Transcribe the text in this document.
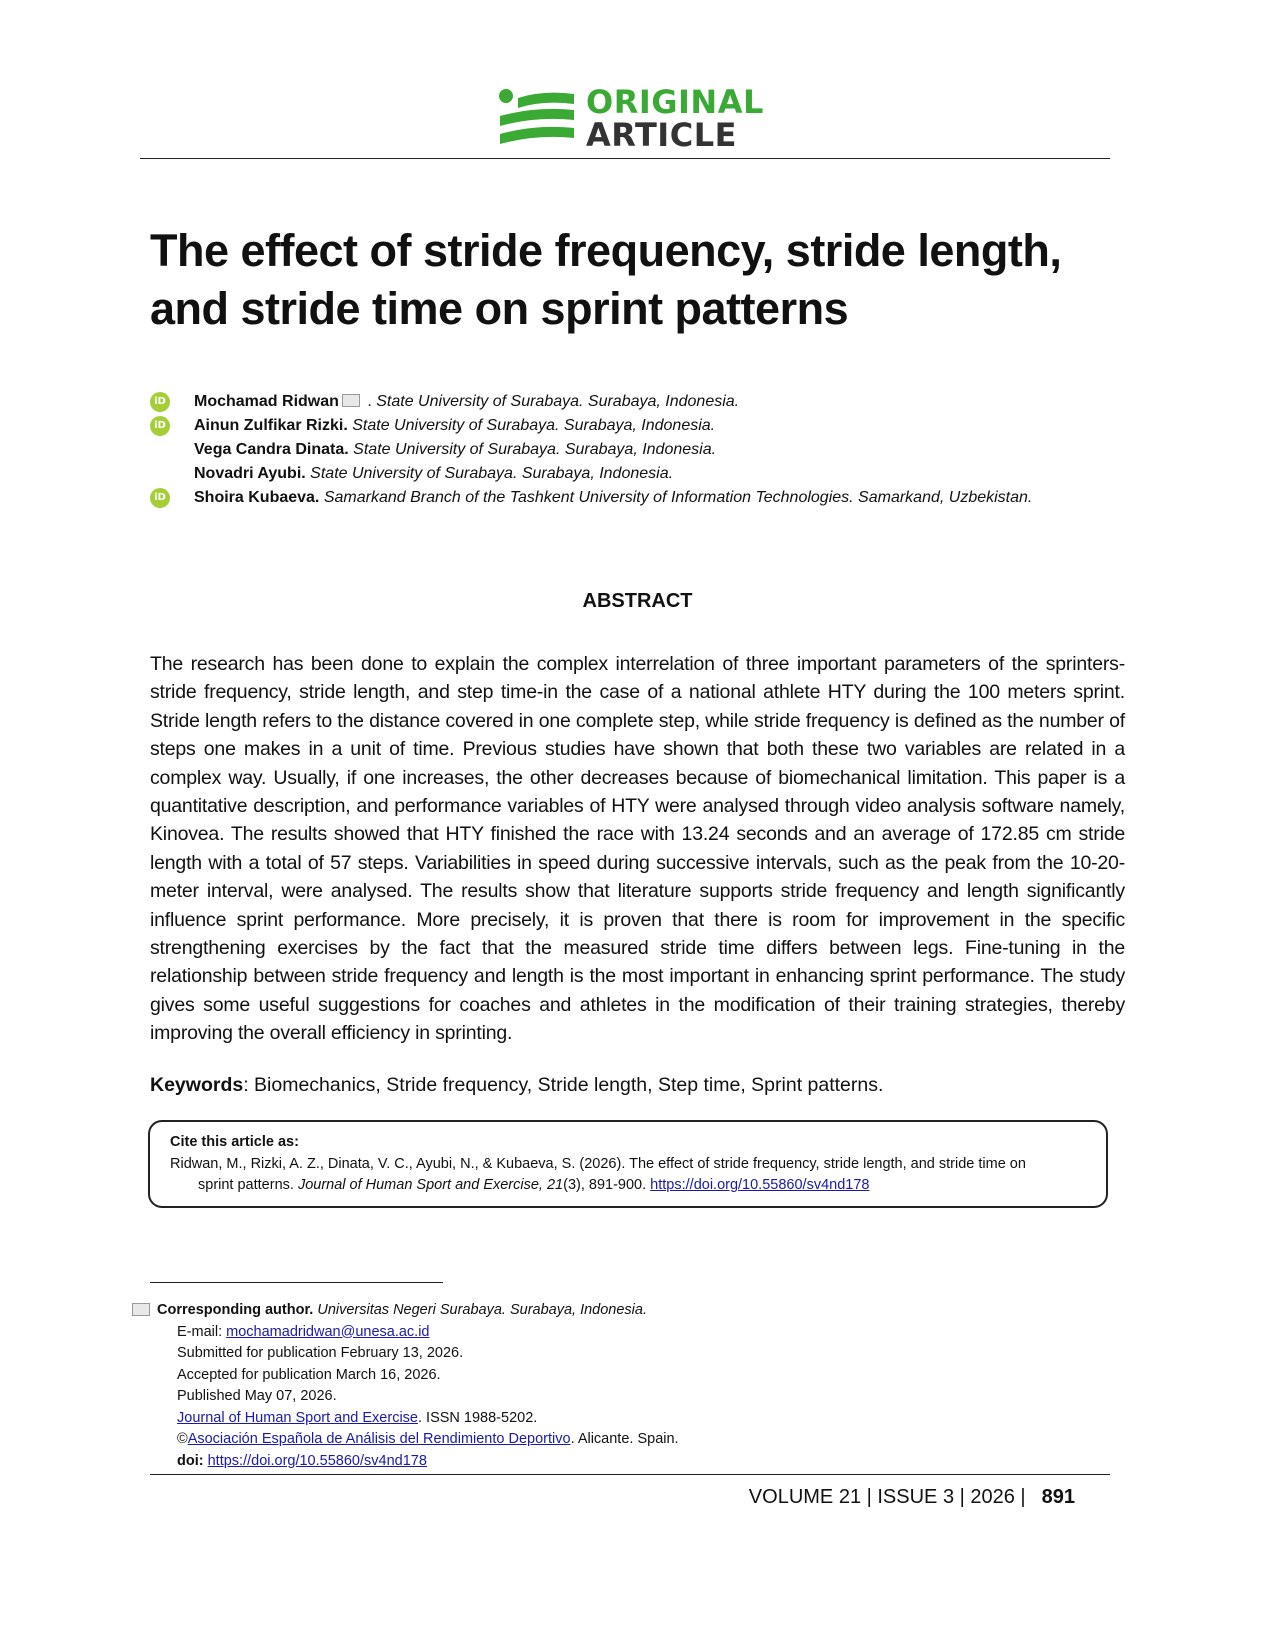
ORIGINAL
ARTICLE
The effect of stride frequency, stride length, and stride time on sprint patterns
iD Mochamad Ridwan . State University of Surabaya. Surabaya, Indonesia.
iD Ainun Zulfikar Rizki. State University of Surabaya. Surabaya, Indonesia.
Vega Candra Dinata. State University of Surabaya. Surabaya, Indonesia.
Novadri Ayubi. State University of Surabaya. Surabaya, Indonesia.
iD Shoira Kubaeva. Samarkand Branch of the Tashkent University of Information Technologies. Samarkand, Uzbekistan.
ABSTRACT
The research has been done to explain the complex interrelation of three important parameters of the sprinters-stride frequency, stride length, and step time-in the case of a national athlete HTY during the 100 meters sprint. Stride length refers to the distance covered in one complete step, while stride frequency is defined as the number of steps one makes in a unit of time. Previous studies have shown that both these two variables are related in a complex way. Usually, if one increases, the other decreases because of biomechanical limitation. This paper is a quantitative description, and performance variables of HTY were analysed through video analysis software namely, Kinovea. The results showed that HTY finished the race with 13.24 seconds and an average of 172.85 cm stride length with a total of 57 steps. Variabilities in speed during successive intervals, such as the peak from the 10-20-meter interval, were analysed. The results show that literature supports stride frequency and length significantly influence sprint performance. More precisely, it is proven that there is room for improvement in the specific strengthening exercises by the fact that the measured stride time differs between legs. Fine-tuning in the relationship between stride frequency and length is the most important in enhancing sprint performance. The study gives some useful suggestions for coaches and athletes in the modification of their training strategies, thereby improving the overall efficiency in sprinting.
Keywords: Biomechanics, Stride frequency, Stride length, Step time, Sprint patterns.
Cite this article as:
Ridwan, M., Rizki, A. Z., Dinata, V. C., Ayubi, N., & Kubaeva, S. (2026). The effect of stride frequency, stride length, and stride time on
sprint patterns. Journal of Human Sport and Exercise, 21(3), 891-900. https://doi.org/10.55860/sv4nd178
Corresponding author. Universitas Negeri Surabaya. Surabaya, Indonesia.
E-mail: mochamadridwan@unesa.ac.id
Submitted for publication February 13, 2026.
Accepted for publication March 16, 2026.
Published May 07, 2026.
Journal of Human Sport and Exercise. ISSN 1988-5202.
©Asociación Española de Análisis del Rendimiento Deportivo. Alicante. Spain.
doi: https://doi.org/10.55860/sv4nd178
VOLUME 21 | ISSUE 3 | 2026 | 891
